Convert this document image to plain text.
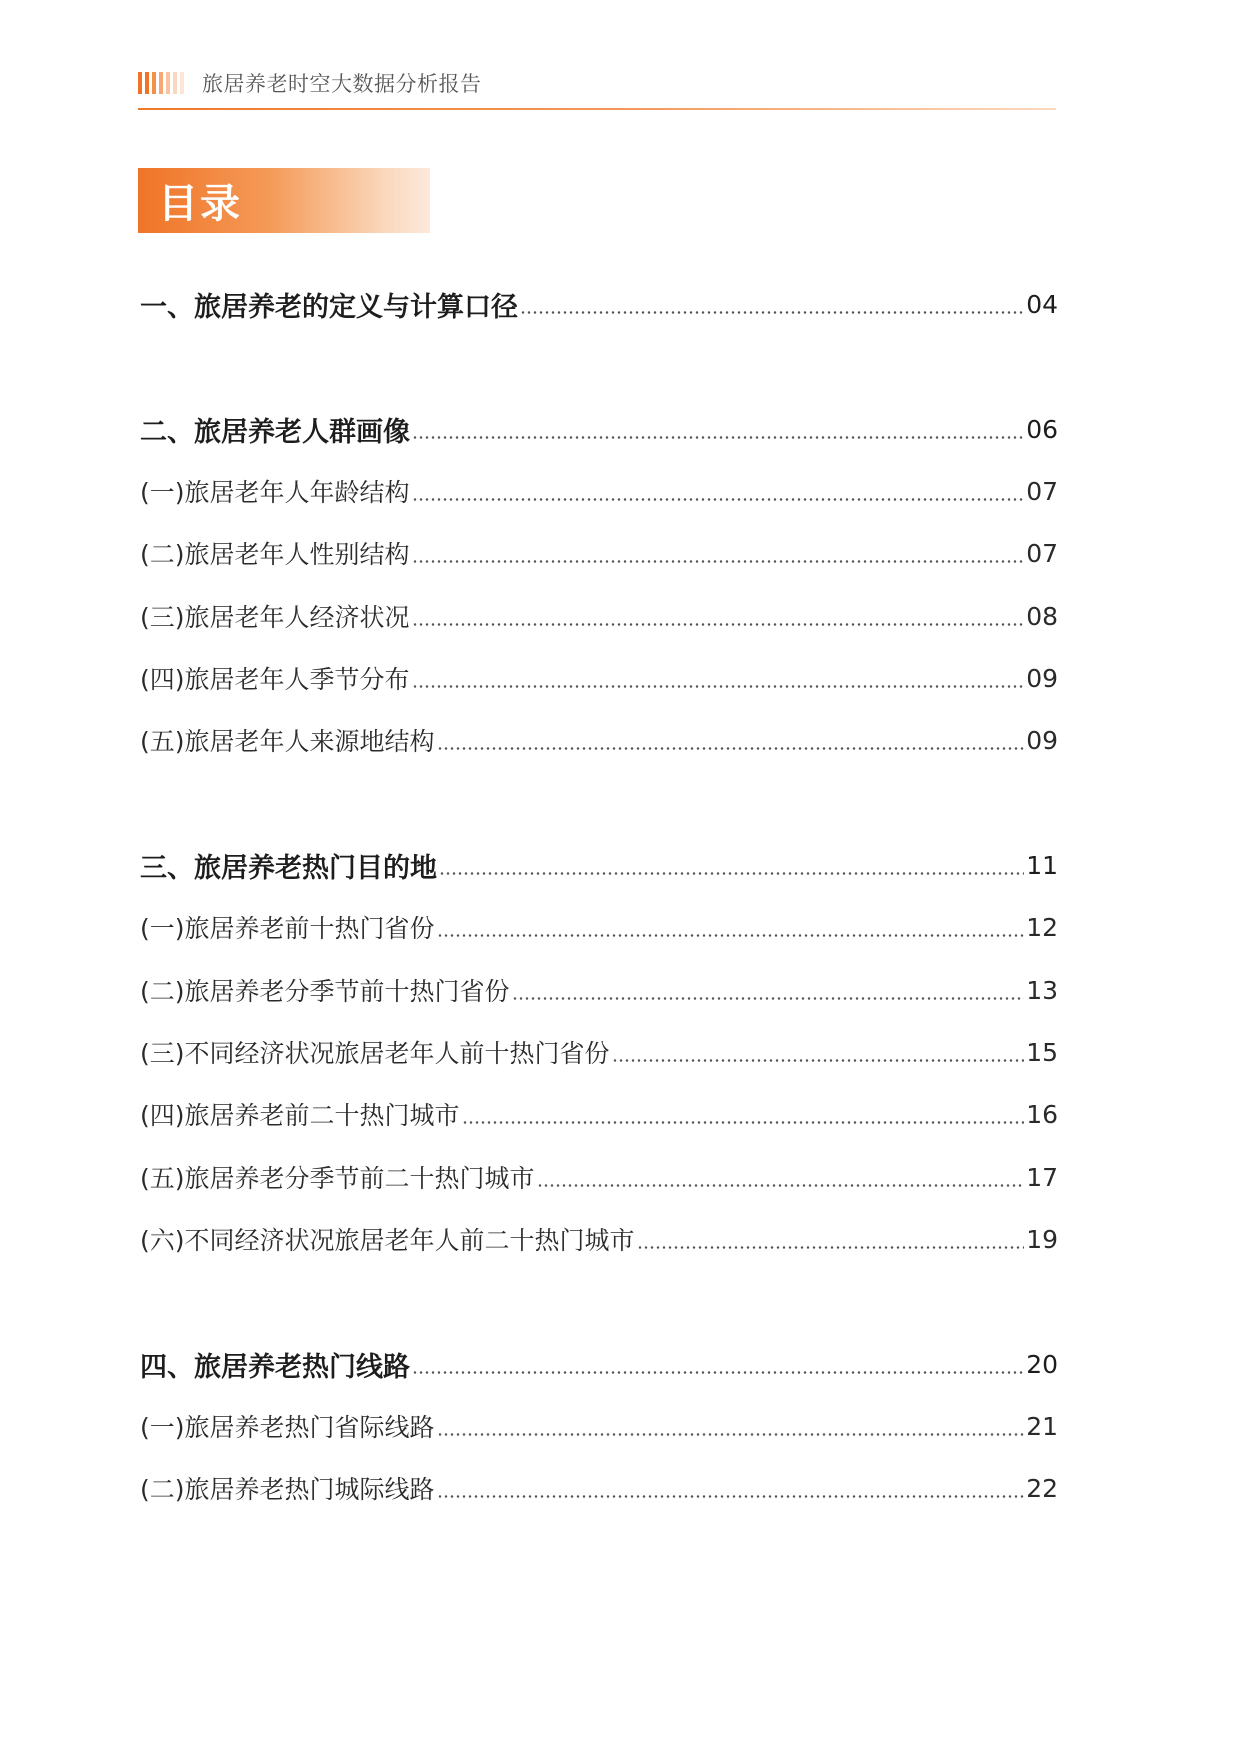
旅居养老时空大数据分析报告
目录
一、旅居养老的定义与计算口径	04
二、旅居养老人群画像	06
(一)旅居老年人年龄结构	07
(二)旅居老年人性别结构	07
(三)旅居老年人经济状况	08
(四)旅居老年人季节分布	09
(五)旅居老年人来源地结构	09
三、旅居养老热门目的地	11
(一)旅居养老前十热门省份	12
(二)旅居养老分季节前十热门省份	13
(三)不同经济状况旅居老年人前十热门省份	15
(四)旅居养老前二十热门城市	16
(五)旅居养老分季节前二十热门城市	17
(六)不同经济状况旅居老年人前二十热门城市	19
四、旅居养老热门线路	20
(一)旅居养老热门省际线路	21
(二)旅居养老热门城际线路	22
